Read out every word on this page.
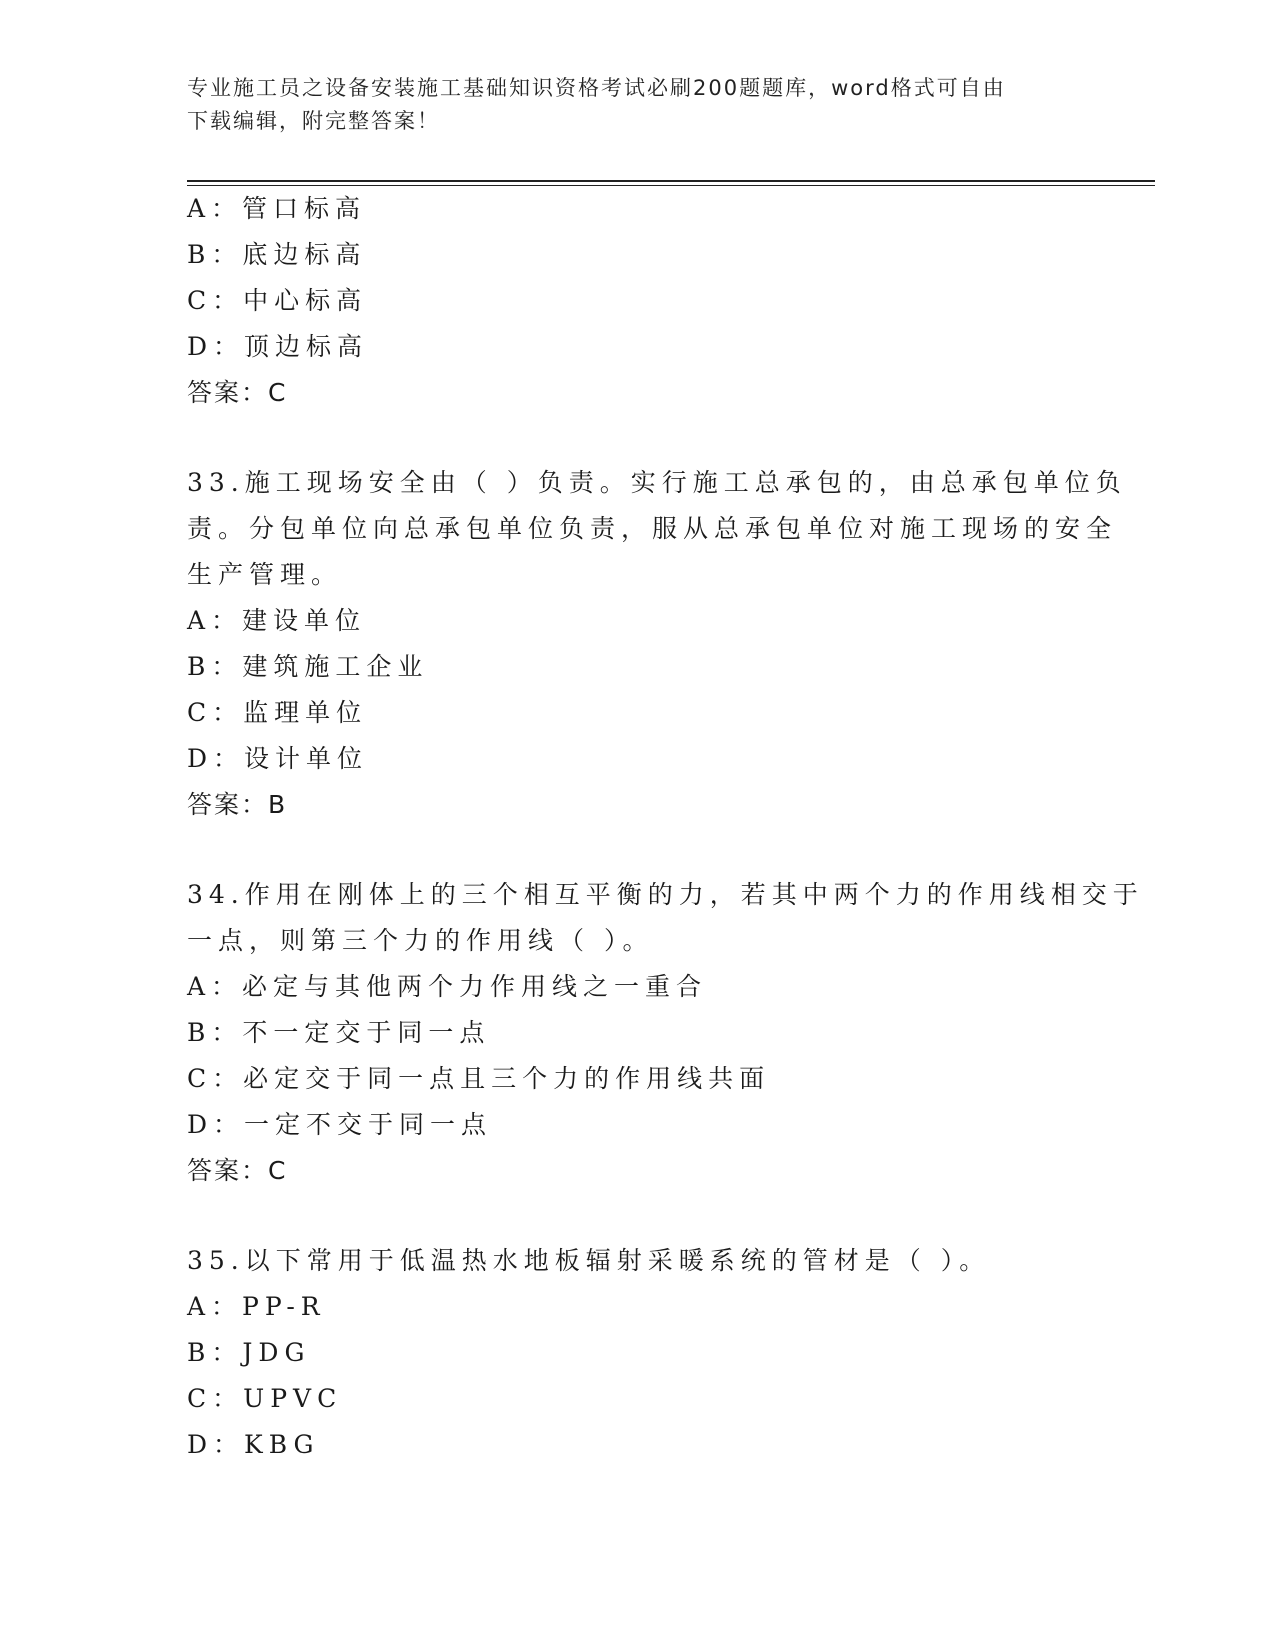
专业施工员之设备安装施工基础知识资格考试必刷200题题库，word格式可自由
下载编辑，附完整答案！
A：管口标高
B：底边标高
C：中心标高
D：顶边标高
答案：C
33.施工现场安全由（ ）负责。实行施工总承包的，由总承包单位负
责。分包单位向总承包单位负责，服从总承包单位对施工现场的安全
生产管理。
A：建设单位
B：建筑施工企业
C：监理单位
D：设计单位
答案：B
34.作用在刚体上的三个相互平衡的力，若其中两个力的作用线相交于
一点，则第三个力的作用线（ ）。
A：必定与其他两个力作用线之一重合
B：不一定交于同一点
C：必定交于同一点且三个力的作用线共面
D：一定不交于同一点
答案：C
35.以下常用于低温热水地板辐射采暖系统的管材是（ ）。
A：PP-R
B：JDG
C：UPVC
D：KBG
